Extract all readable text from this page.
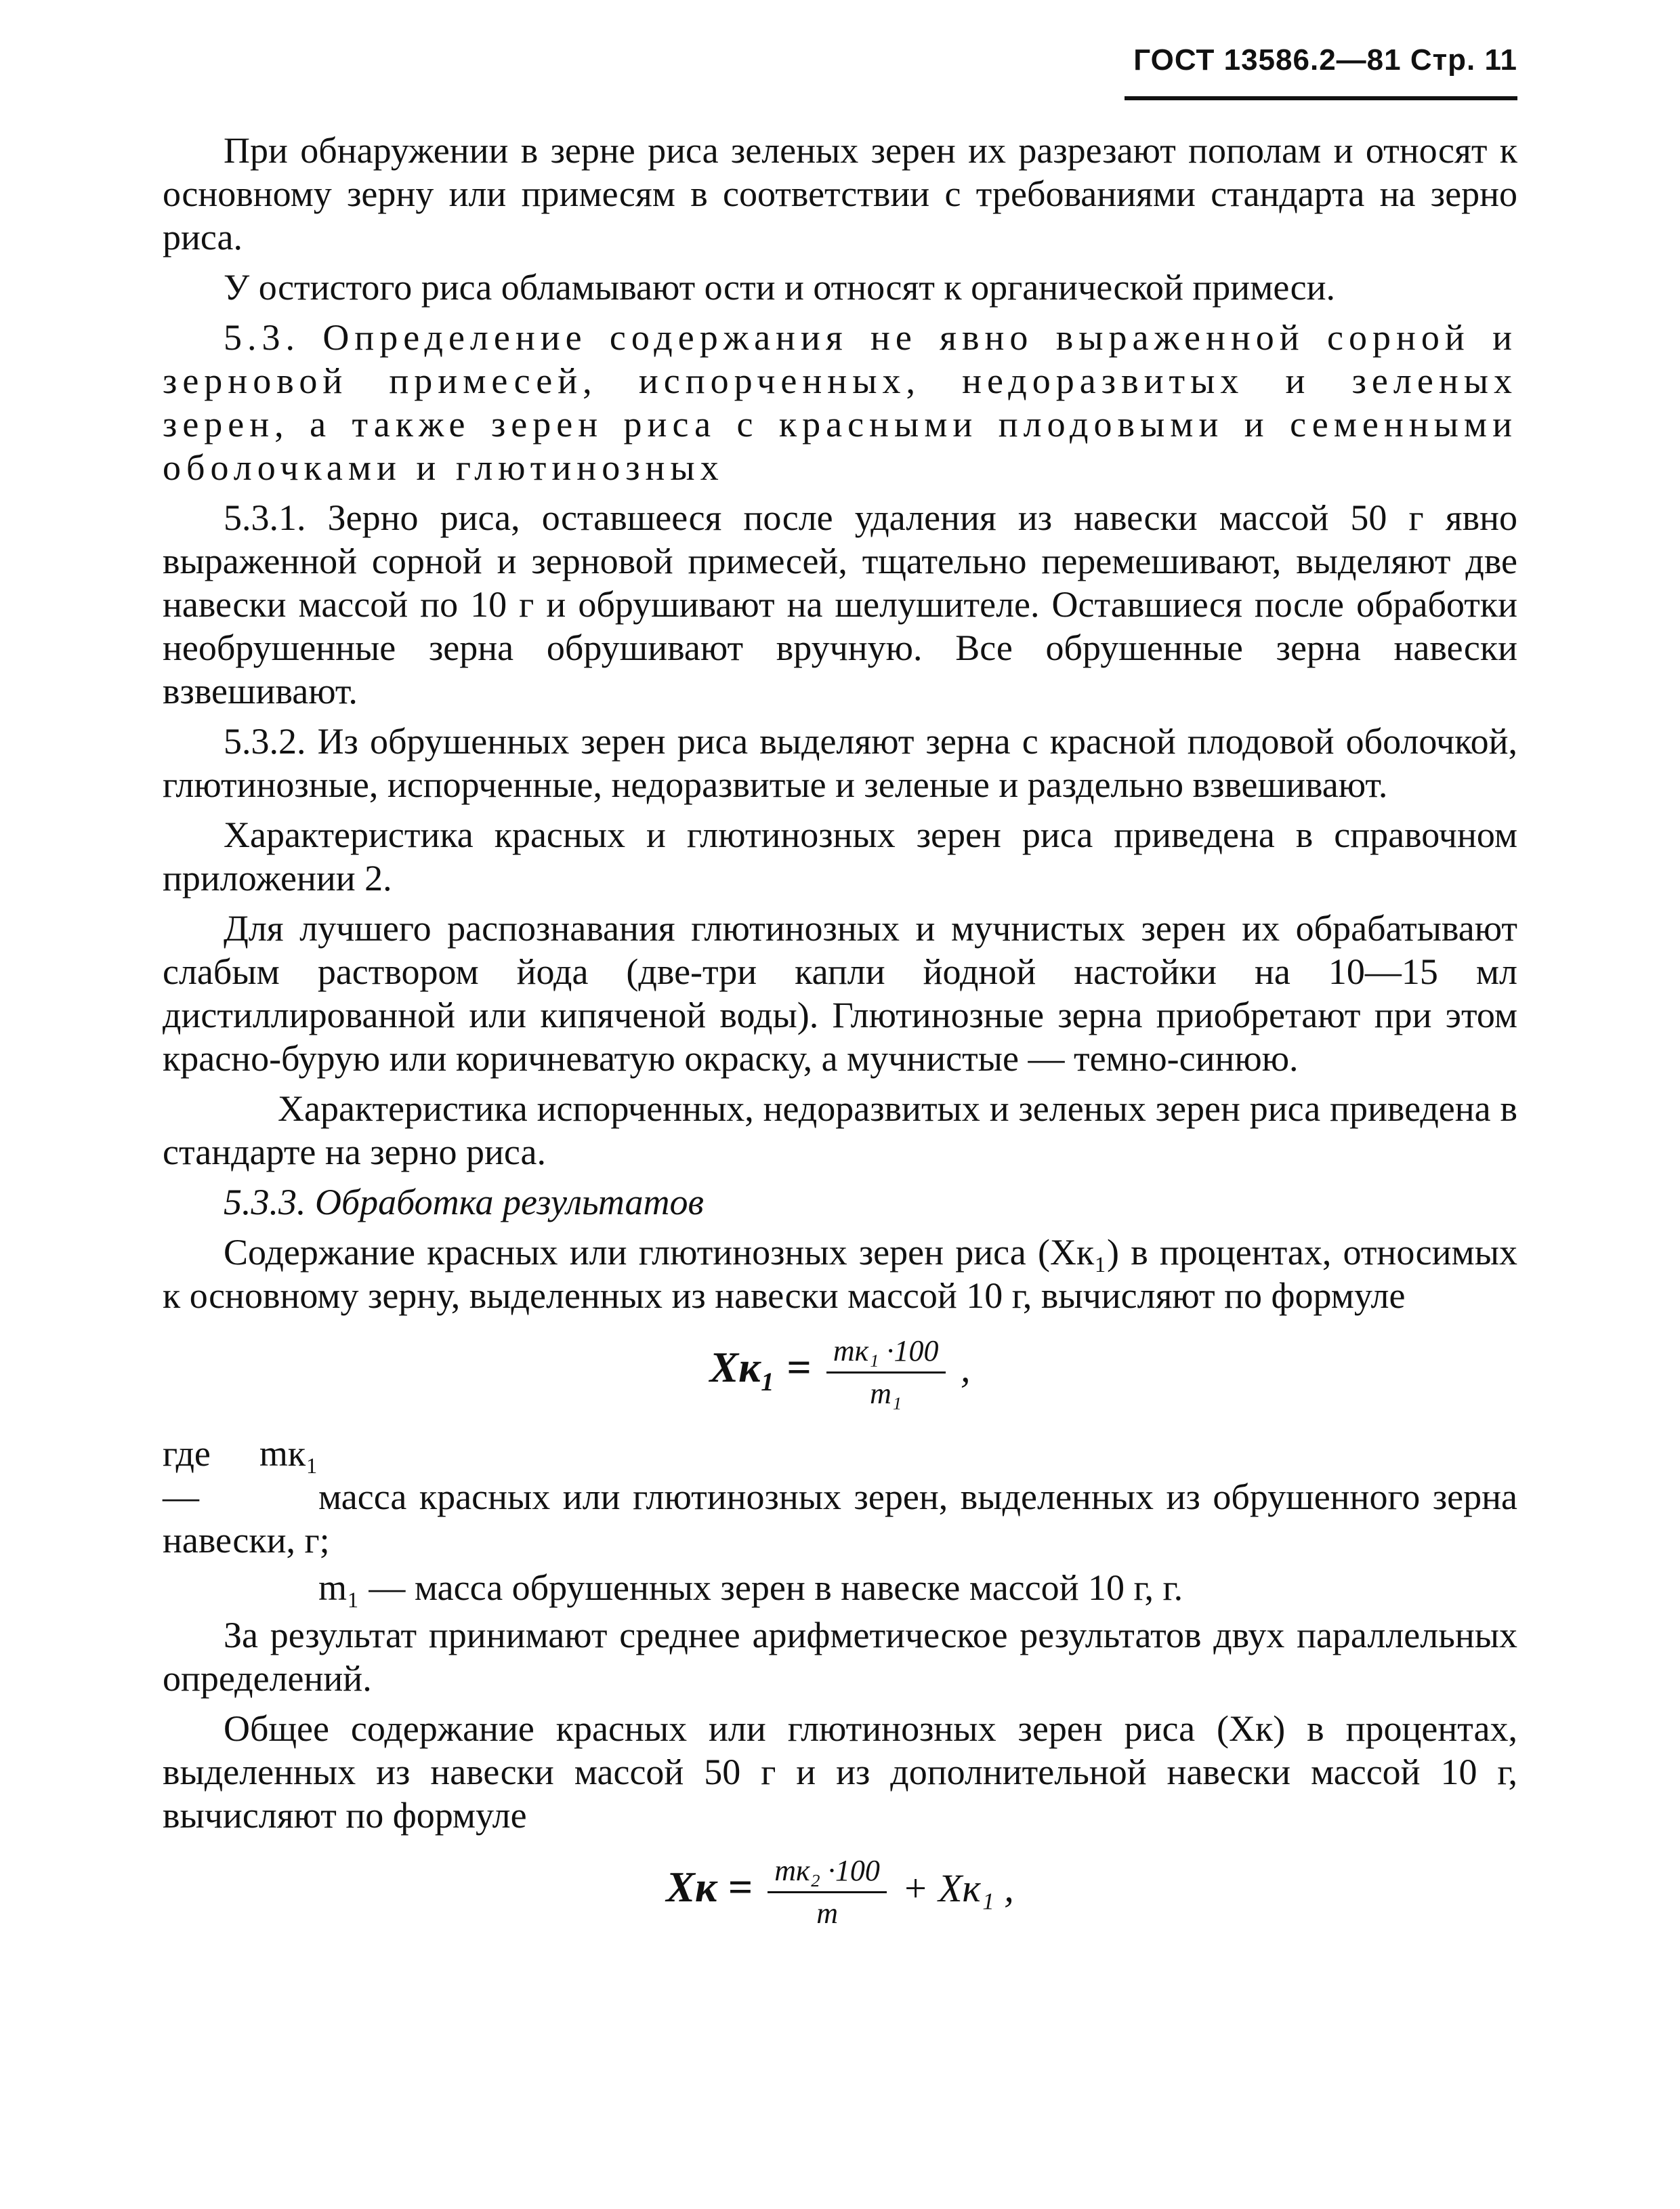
ГОСТ 13586.2—81 Стр. 11

При обнаружении в зерне риса зеленых зерен их разрезают пополам и относят к основному зерну или примесям в соответствии с требованиями стандарта на зерно риса.

У остистого риса обламывают ости и относят к органической примеси.

5.3. Определение содержания не явно выраженной сорной и зерновой примесей, испорченных, недоразвитых и зеленых зерен, а также зерен риса с красными плодовыми и семенными оболочками и глютинозных

5.3.1. Зерно риса, оставшееся после удаления из навески массой 50 г явно выраженной сорной и зерновой примесей, тщательно перемешивают, выделяют две навески массой по 10 г и обрушивают на шелушителе. Оставшиеся после обработки необрушенные зерна обрушивают вручную. Все обрушенные зерна навески взвешивают.

5.3.2. Из обрушенных зерен риса выделяют зерна с красной плодовой оболочкой, глютинозные, испорченные, недоразвитые и зеленые и раздельно взвешивают.

Характеристика красных и глютинозных зерен риса приведена в справочном приложении 2.

Для лучшего распознавания глютинозных и мучнистых зерен их обрабатывают слабым раствором йода (две-три капли йодной настойки на 10—15 мл дистиллированной или кипяченой воды). Глютинозные зерна приобретают при этом красно-бурую или коричневатую окраску, а мучнистые — темно-синюю.

Характеристика испорченных, недоразвитых и зеленых зерен риса приведена в стандарте на зерно риса.

5.3.3. Обработка результатов

Содержание красных или глютинозных зерен риса (Xк₁) в процентах, относимых к основному зерну, выделенных из навески массой 10 г, вычисляют по формуле

$Xк_1 = \frac{\text{mк₁ ·100}}{\text{m₁}}$ ,

где mк₁ —	масса красных или глютинозных зерен, выделенных из обрушенного зерна навески, г;

m₁ — масса обрушенных зерен в навеске массой 10 г, г.

За результат принимают среднее арифметическое результатов двух параллельных определений.

Общее содержание красных или глютинозных зерен риса (Xк) в процентах, выделенных из навески массой 50 г и из дополнительной навески массой 10 г, вычисляют по формуле

Xк = $\frac{\text{mк₂ ·100}}{m} + Xк_1$ ,
